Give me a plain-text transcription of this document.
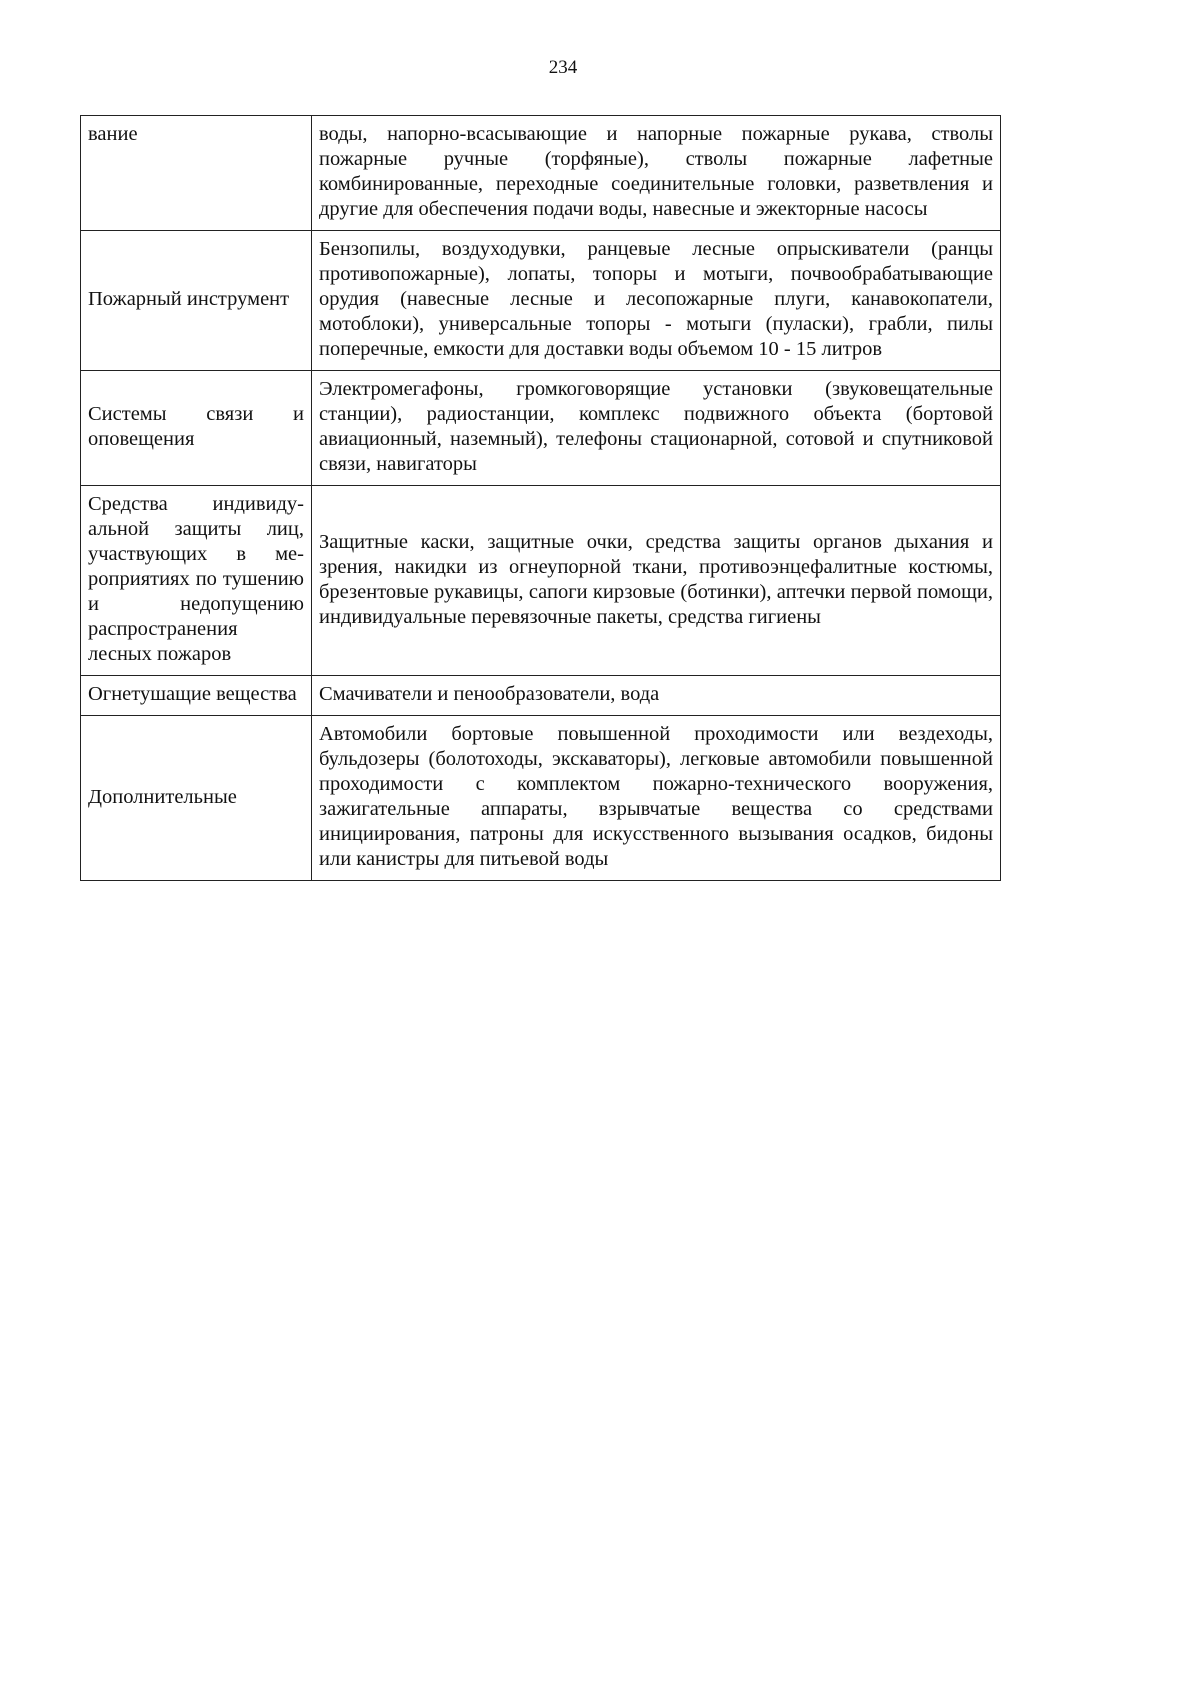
234
вание	воды, напорно-всасывающие и напорные пожарные рукава, стволы пожарные ручные (торфяные), стволы пожарные лафетные комбинированные, переходные соединительные головки, разветвления и другие для обеспечения подачи воды, навесные и эжекторные насосы
Пожарный инструмент	Бензопилы, воздуходувки, ранцевые лесные опрыскиватели (ранцы противопожарные), лопаты, топоры и мотыги, почвообрабатывающие орудия (навесные лесные и лесопожарные плуги, канавокопатели, мотоблоки), универсальные топоры - мотыги (пуласки), грабли, пилы поперечные, емкости для доставки воды объемом 10 - 15 литров
Системы связи и оповещения	Электромегафоны, громкоговорящие установки (звуковещательные станции), радиостанции, комплекс подвижного объекта (бортовой авиационный, наземный), телефоны стационарной, сотовой и спутниковой связи, навигаторы
Средства индивидуальной защиты лиц, участвующих в мероприятиях по тушению и недопущению распространения лесных пожаров	Защитные каски, защитные очки, средства защиты органов дыхания и зрения, накидки из огнеупорной ткани, противоэнцефалитные костюмы, брезентовые рукавицы, сапоги кирзовые (ботинки), аптечки первой помощи, индивидуальные перевязочные пакеты, средства гигиены
Огнетушащие вещества	Смачиватели и пенообразователи, вода
Дополнительные	Автомобили бортовые повышенной проходимости или вездеходы, бульдозеры (болотоходы, экскаваторы), легковые автомобили повышенной проходимости с комплектом пожарно-технического вооружения, зажигательные аппараты, взрывчатые вещества со средствами инициирования, патроны для искусственного вызывания осадков, бидоны или канистры для питьевой воды
